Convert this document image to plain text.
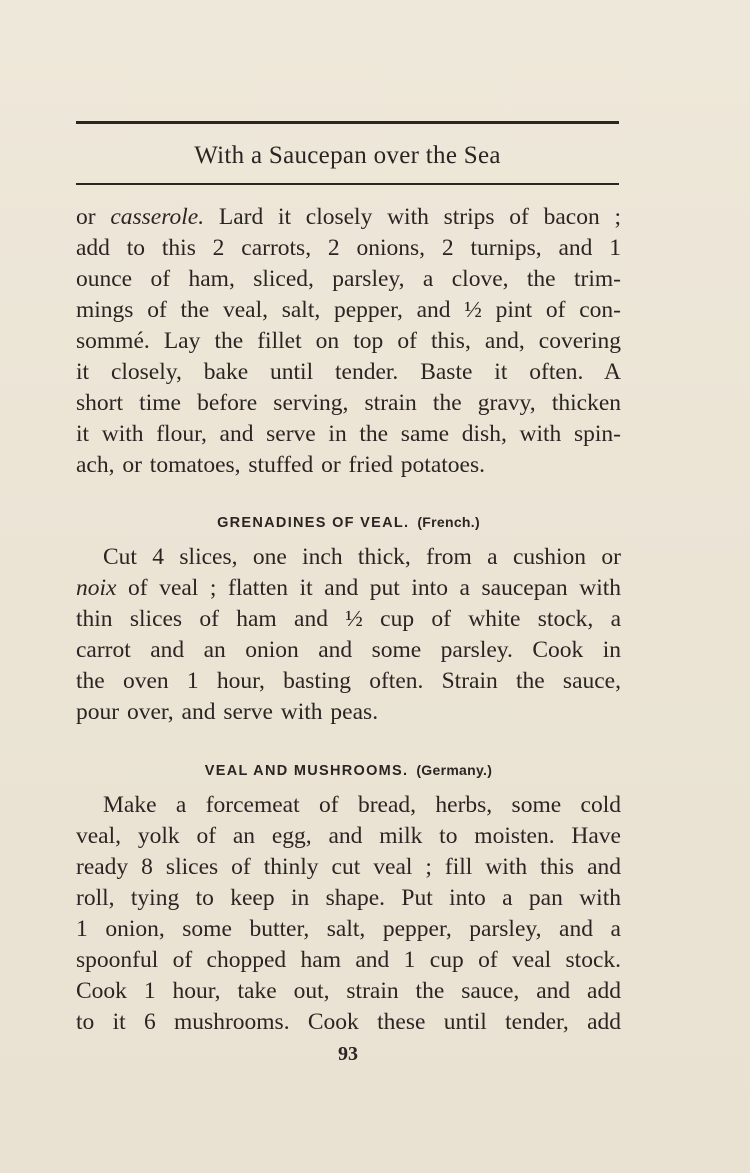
With a Saucepan over the Sea
or casserole. Lard it closely with strips of bacon ;
add to this 2 carrots, 2 onions, 2 turnips, and 1
ounce of ham, sliced, parsley, a clove, the trim-
mings of the veal, salt, pepper, and ½ pint of con-
sommé. Lay the fillet on top of this, and, covering
it closely, bake until tender. Baste it often. A
short time before serving, strain the gravy, thicken
it with flour, and serve in the same dish, with spin-
ach, or tomatoes, stuffed or fried potatoes.
GRENADINES OF VEAL. (French.)
Cut 4 slices, one inch thick, from a cushion or
noix of veal ; flatten it and put into a saucepan with
thin slices of ham and ½ cup of white stock, a
carrot and an onion and some parsley. Cook in
the oven 1 hour, basting often. Strain the sauce,
pour over, and serve with peas.
VEAL AND MUSHROOMS. (Germany.)
Make a forcemeat of bread, herbs, some cold
veal, yolk of an egg, and milk to moisten. Have
ready 8 slices of thinly cut veal ; fill with this and
roll, tying to keep in shape. Put into a pan with
1 onion, some butter, salt, pepper, parsley, and a
spoonful of chopped ham and 1 cup of veal stock.
Cook 1 hour, take out, strain the sauce, and add
to it 6 mushrooms. Cook these until tender, add
93
